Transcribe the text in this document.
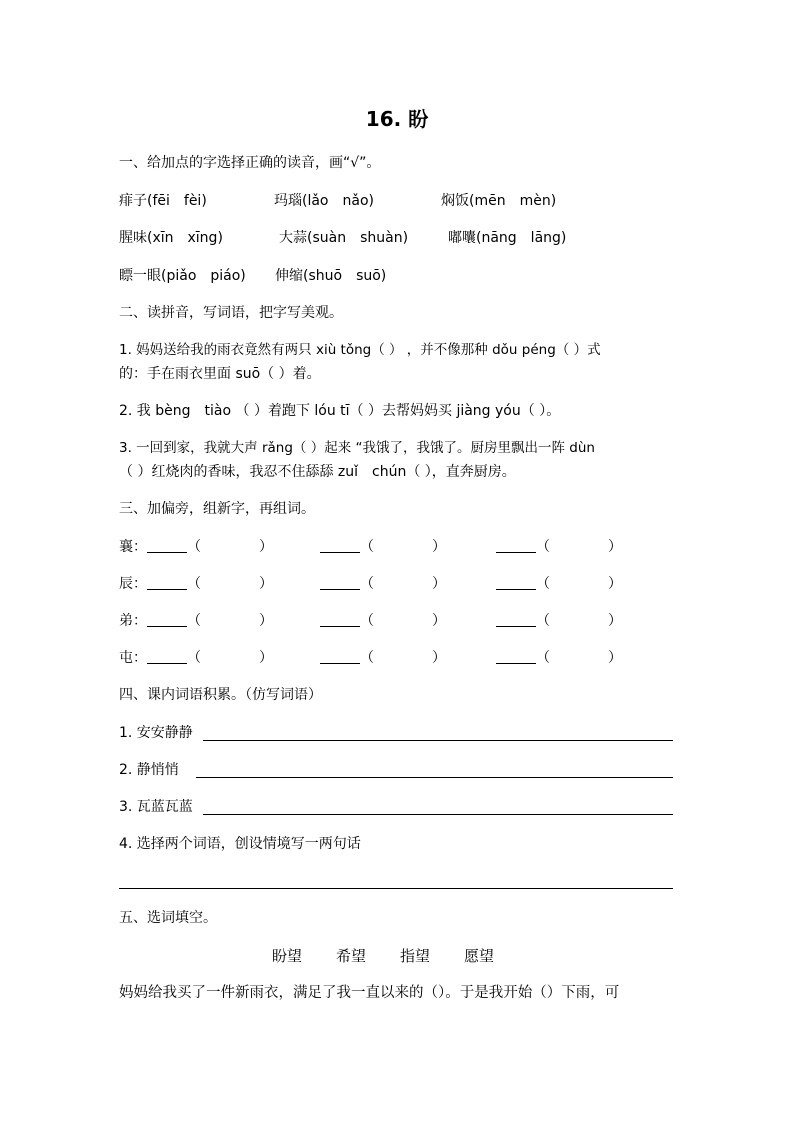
16. 盼
一、给加点的字选择正确的读音，画“√”。
痱子(fēi　fèi)	玛瑙(lǎo　nǎo)	焖饭(mēn　mèn)
腥味(xīn　xīng)	大蒜(suàn　shuàn)	嘟囔(nāng　lāng)
瞟一眼(piǎo　piáo) 伸缩(shuō　suō)
二、读拼音，写词语，把字写美观。
1. 妈妈送给我的雨衣竟然有两只 xiù tǒng（ ） ，并不像那种 dǒu péng（ ）式
的：手在雨衣里面 suō（ ）着。
2. 我 bèng　tiào （ ）着跑下 lóu tī（ ）去帮妈妈买 jiàng yóu（ ）。
3. 一回到家，我就大声 rǎng（ ）起来 “我饿了，我饿了。厨房里飘出一阵 dùn
（ ）红烧肉的香味，我忍不住舔舔 zuǐ　chún（ ），直奔厨房。
三、加偏旁，组新字，再组词。
襄：	（	）	（	）	（	）
辰：	（	）	（	）	（	）
弟：	（	）	（	）	（	）
屯：	（	）	（	）	（	）
四、课内词语积累。（仿写词语）
1. 安安静静
2. 静悄悄
3. 瓦蓝瓦蓝
4. 选择两个词语，创设情境写一两句话
五、选词填空。
盼望 希望 指望 愿望
妈妈给我买了一件新雨衣，满足了我一直以来的（）。于是我开始（）下雨，可
